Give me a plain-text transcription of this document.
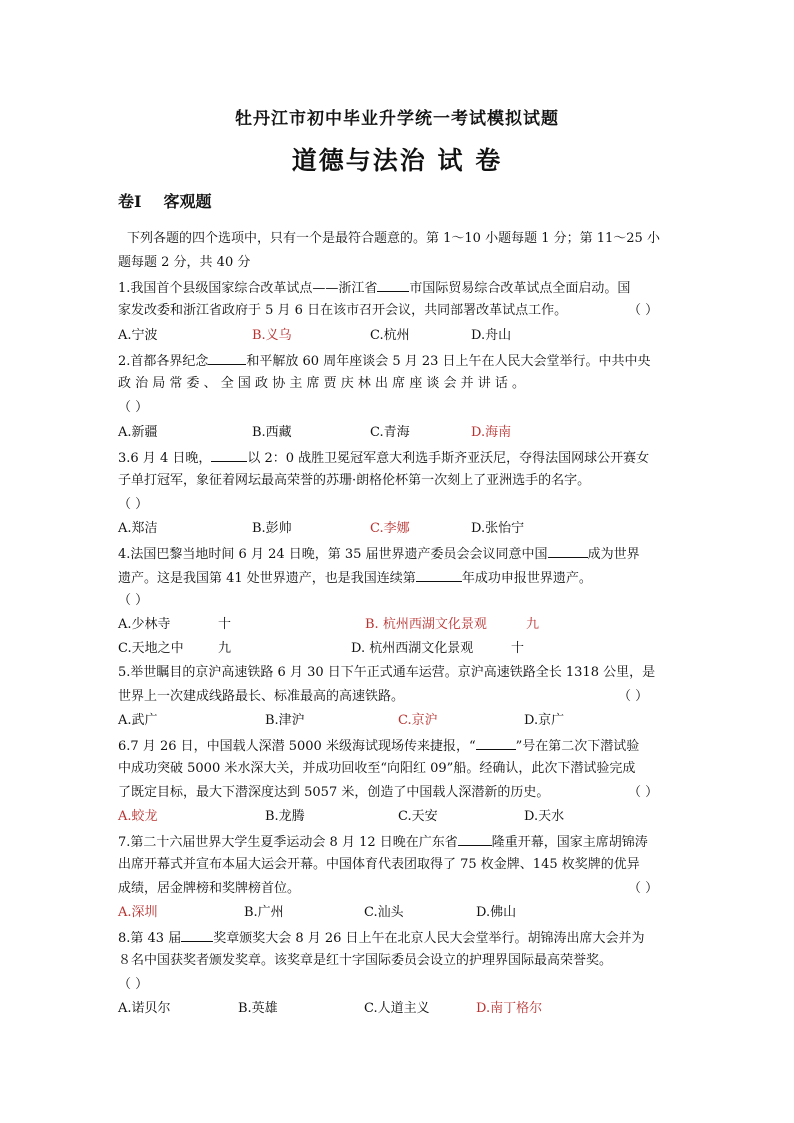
牡丹江市初中毕业升学统一考试模拟试题
道德与法治 试 卷
卷Ⅰ 客观题
下列各题的四个选项中，只有一个是最符合题意的。第 1～10 小题每题 1 分；第 11～25 小
题每题 2 分，共 40 分
1.我国首个县级国家综合改革试点——浙江省 市国际贸易综合改革试点全面启动。国
家发改委和浙江省政府于 5 月 6 日在该市召开会议，共同部署改革试点工作。	（ ）
A.宁波	B.义乌	C.杭州	D.舟山
2.首都各界纪念	和平解放 60 周年座谈会 5 月 23 日上午在人民大会堂举行。中共中央
政 治 局 常 委 、 全 国 政 协 主 席 贾 庆 林 出 席 座 谈 会 并 讲 话 。
（ ）
A.新疆	B.西藏	C.青海	D.海南
3.6 月 4 日晚，	以 2：0 战胜卫冕冠军意大利选手斯齐亚沃尼，夺得法国网球公开赛女
子单打冠军，象征着网坛最高荣誉的苏珊·朗格伦杯第一次刻上了亚洲选手的名字。
（ ）
A.郑洁	B.彭帅	C.李娜	D.张怡宁
4.法国巴黎当地时间 6 月 24 日晚，第 35 届世界遗产委员会会议同意中国	成为世界
遗产。这是我国第 41 处世界遗产，也是我国连续第	年成功申报世界遗产。
（ ）
A.少林寺	十	B. 杭州西湖文化景观	九
C.天地之中	九	D. 杭州西湖文化景观	十
5.举世瞩目的京沪高速铁路 6 月 30 日下午正式通车运营。京沪高速铁路全长 1318 公里，是
世界上一次建成线路最长、标准最高的高速铁路。	（ ）
A.武广	B.津沪	C.京沪	D.京广
6.7 月 26 日，中国载人深潜 5000 米级海试现场传来捷报，“	”号在第二次下潜试验
中成功突破 5000 米水深大关，并成功回收至“向阳红 09”船。经确认，此次下潜试验完成
了既定目标，最大下潜深度达到 5057 米，创造了中国载人深潜新的历史。	（ ）
A.蛟龙	B.龙腾	C.天安	D.天水
7.第二十六届世界大学生夏季运动会 8 月 12 日晚在广东省	隆重开幕，国家主席胡锦涛
出席开幕式并宣布本届大运会开幕。中国体育代表团取得了 75 枚金牌、145 枚奖牌的优异
成绩，居金牌榜和奖牌榜首位。	（ ）
A.深圳	B.广州	C.汕头	D.佛山
8.第 43 届 奖章颁奖大会 8 月 26 日上午在北京人民大会堂举行。胡锦涛出席大会并为
８名中国获奖者颁发奖章。该奖章是红十字国际委员会设立的护理界国际最高荣誉奖。
（ ）
A.诺贝尔	B.英雄	C.人道主义	D.南丁格尔
